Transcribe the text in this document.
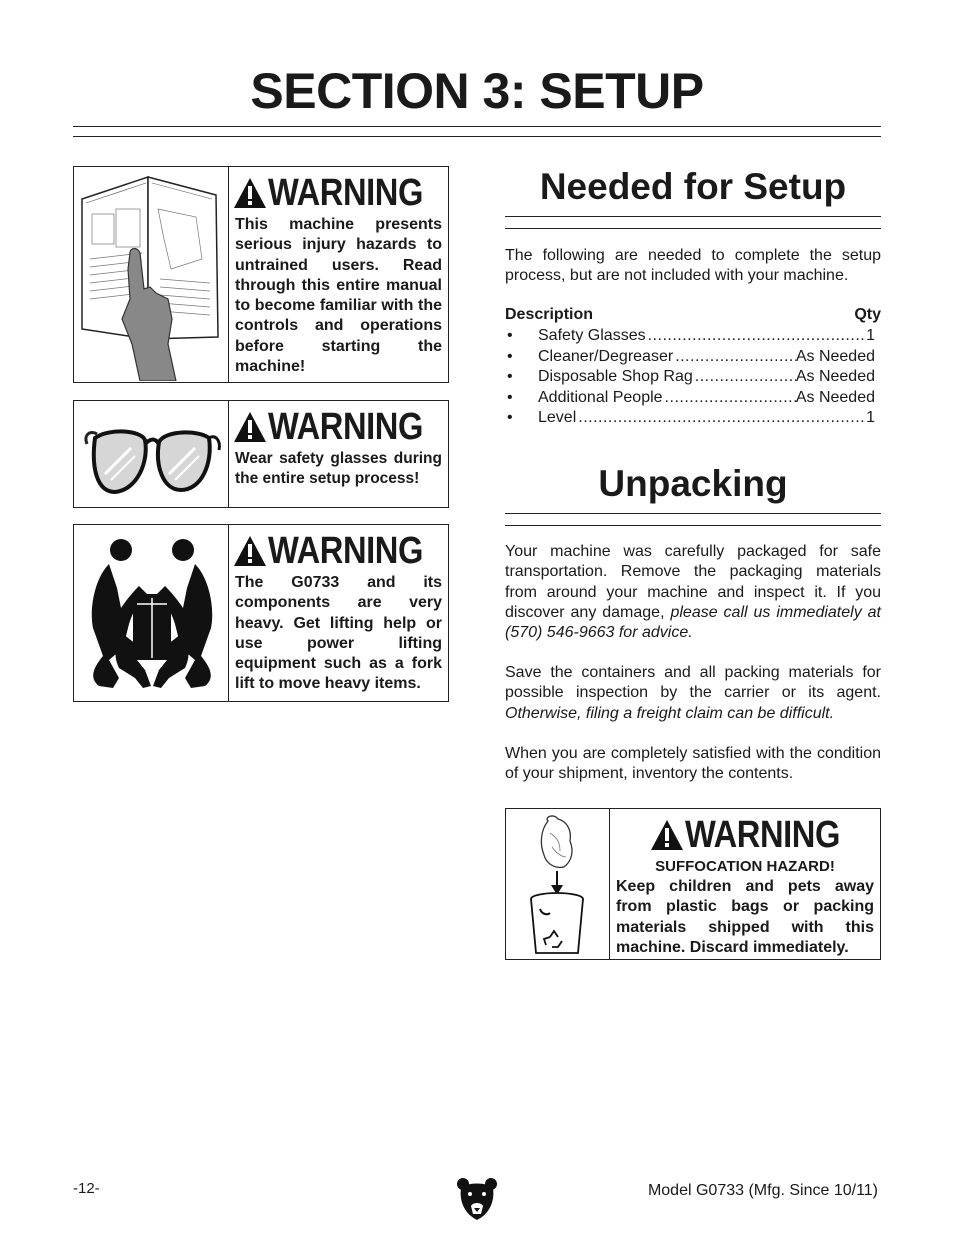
SECTION 3: SETUP
WARNING
This machine presents serious injury hazards to untrained users. Read through this entire manual to become familiar with the controls and operations before starting the machine!
WARNING
Wear safety glasses during the entire setup process!
WARNING
The G0733 and its components are very heavy. Get lifting help or use power lifting equipment such as a fork lift to move heavy items.
Needed for Setup
The following are needed to complete the setup process, but are not included with your machine.
Description	Qty
•	Safety Glasses .....	1
•	Cleaner/Degreaser .....	As Needed
•	Disposable Shop Rag .....	As Needed
•	Additional People .....	As Needed
•	Level .....	1
Unpacking
Your machine was carefully packaged for safe transportation. Remove the packaging materials from around your machine and inspect it. If you discover any damage, please call us immediately at (570) 546-9663 for advice.
Save the containers and all packing materials for possible inspection by the carrier or its agent. Otherwise, filing a freight claim can be difficult.
When you are completely satisfied with the condition of your shipment, inventory the contents.
WARNING
SUFFOCATION HAZARD!
Keep children and pets away from plastic bags or packing materials shipped with this machine. Discard immediately.
-12-	Model G0733 (Mfg. Since 10/11)
